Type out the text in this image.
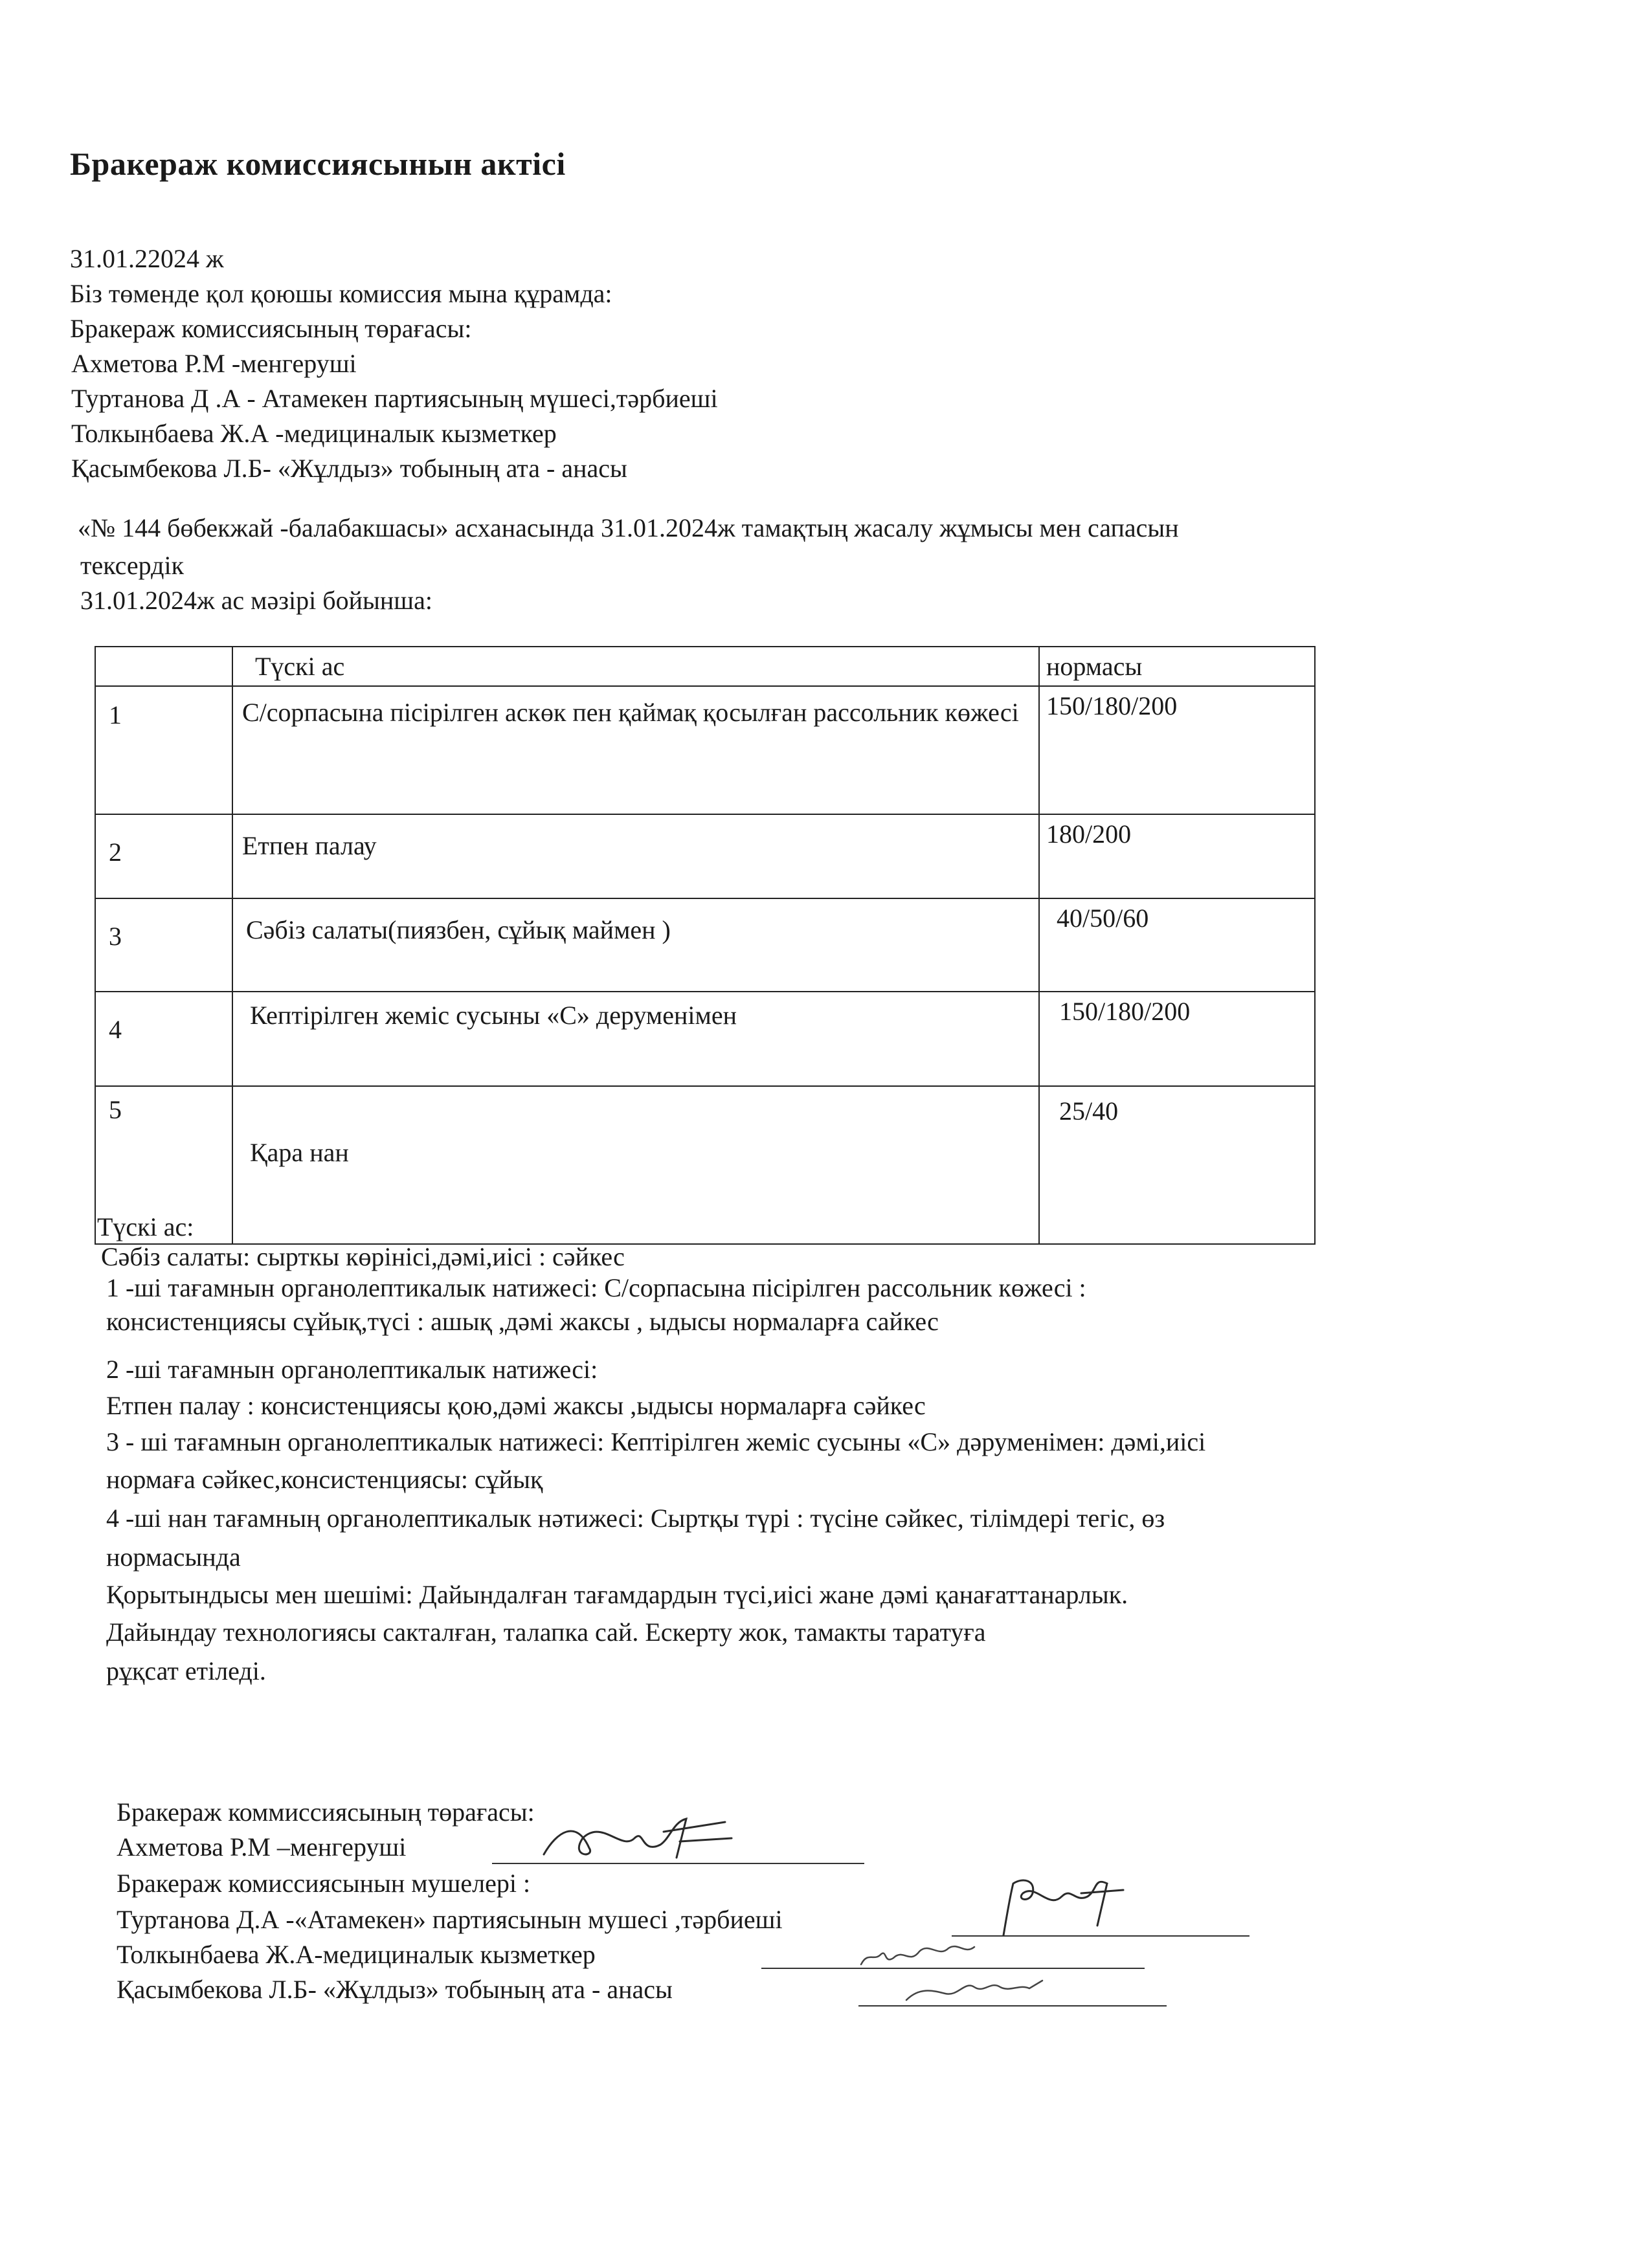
Бракераж комиссиясынын актісі
31.01.22024 ж
Біз төменде қол қоюшы комиссия мына құрамда:
Бракераж комиссиясының төрағасы:
Ахметова Р.М -менгеруші
Туртанова Д .А - Атамекен партиясының мүшесі,тәрбиеші
Толкынбаева Ж.А -медициналык кызметкер
Қасымбекова Л.Б- «Жұлдыз» тобының ата - анасы
«№ 144 бөбекжай -балабакшасы» асханасында 31.01.2024ж тамақтың жасалу жұмысы мен сапасын
тексердік
31.01.2024ж ас мәзірі бойынша:
	Түскі ас	нормасы
1	С/сорпасына пісірілген аскөк пен қаймақ қосылған рассольник көжесі	150/180/200
2	Етпен палау	180/200
3	Сәбіз салаты(пиязбен, сұйық маймен )	40/50/60
4	Кептірілген жеміс сусыны «С» деруменімен	150/180/200
5	Қара нан	25/40
Түскі ас:
Сәбіз салаты: сырткы көрінісі,дәмі,иісі : сәйкес
1 -ші тағамнын органолептикалык натижесі: С/сорпасына пісірілген рассольник көжесі :
консистенциясы сұйық,түсі : ашық ,дәмі жаксы , ыдысы нормаларға сайкес
2 -ші тағамнын органолептикалык натижесі:
Етпен палау : консистенциясы қою,дәмі жаксы ,ыдысы нормаларға сәйкес
3 - ші тағамнын органолептикалык натижесі: Кептірілген жеміс сусыны «С» дәруменімен: дәмі,иісі
нормаға сәйкес,консистенциясы: сұйық
4 -ші нан тағамның органолептикалык нәтижесі: Сыртқы түрі : түсіне сәйкес, тілімдері тегіс, өз
нормасында
Қорытындысы мен шешімі: Дайындалған тағамдардын түсі,иісі жане дәмі қанағаттанарлык.
Дайындау технологиясы сакталған, талапка сай. Ескерту жок, тамакты таратуға
рұқсат етіледі.
Бракераж коммиссиясының төрағасы:
Ахметова Р.М –менгеруші
Бракераж комиссиясынын мушелері :
Туртанова Д.А -«Атамекен» партиясынын мушесі ,тәрбиеші
Толкынбаева Ж.А-медициналык кызметкер
Қасымбекова Л.Б- «Жұлдыз» тобының ата - анасы
